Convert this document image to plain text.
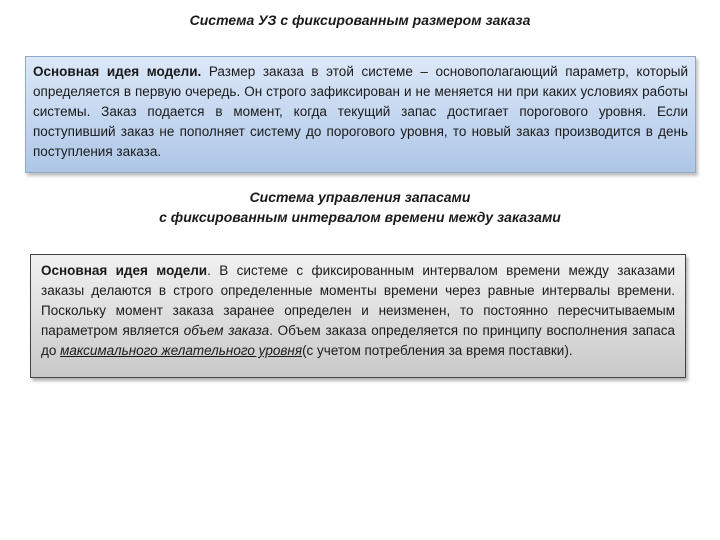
Система УЗ с фиксированным размером заказа
Основная идея модели. Размер заказа в этой системе – основополагающий параметр, который определяется в первую очередь. Он строго зафиксирован и не меняется ни при каких условиях работы системы. Заказ подается в момент, когда текущий запас достигает порогового уровня. Если поступивший заказ не пополняет систему до порогового уровня, то новый заказ производится в день поступления заказа.
Система управления запасами
с фиксированным интервалом времени между заказами
Основная идея модели. В системе с фиксированным интервалом времени между заказами заказы делаются в строго определенные моменты времени через равные интервалы времени. Поскольку момент заказа заранее определен и неизменен, то постоянно пересчитываемым параметром является объем заказа. Объем заказа определяется по принципу восполнения запаса до максимального желательного уровня(с учетом потребления за время поставки).
